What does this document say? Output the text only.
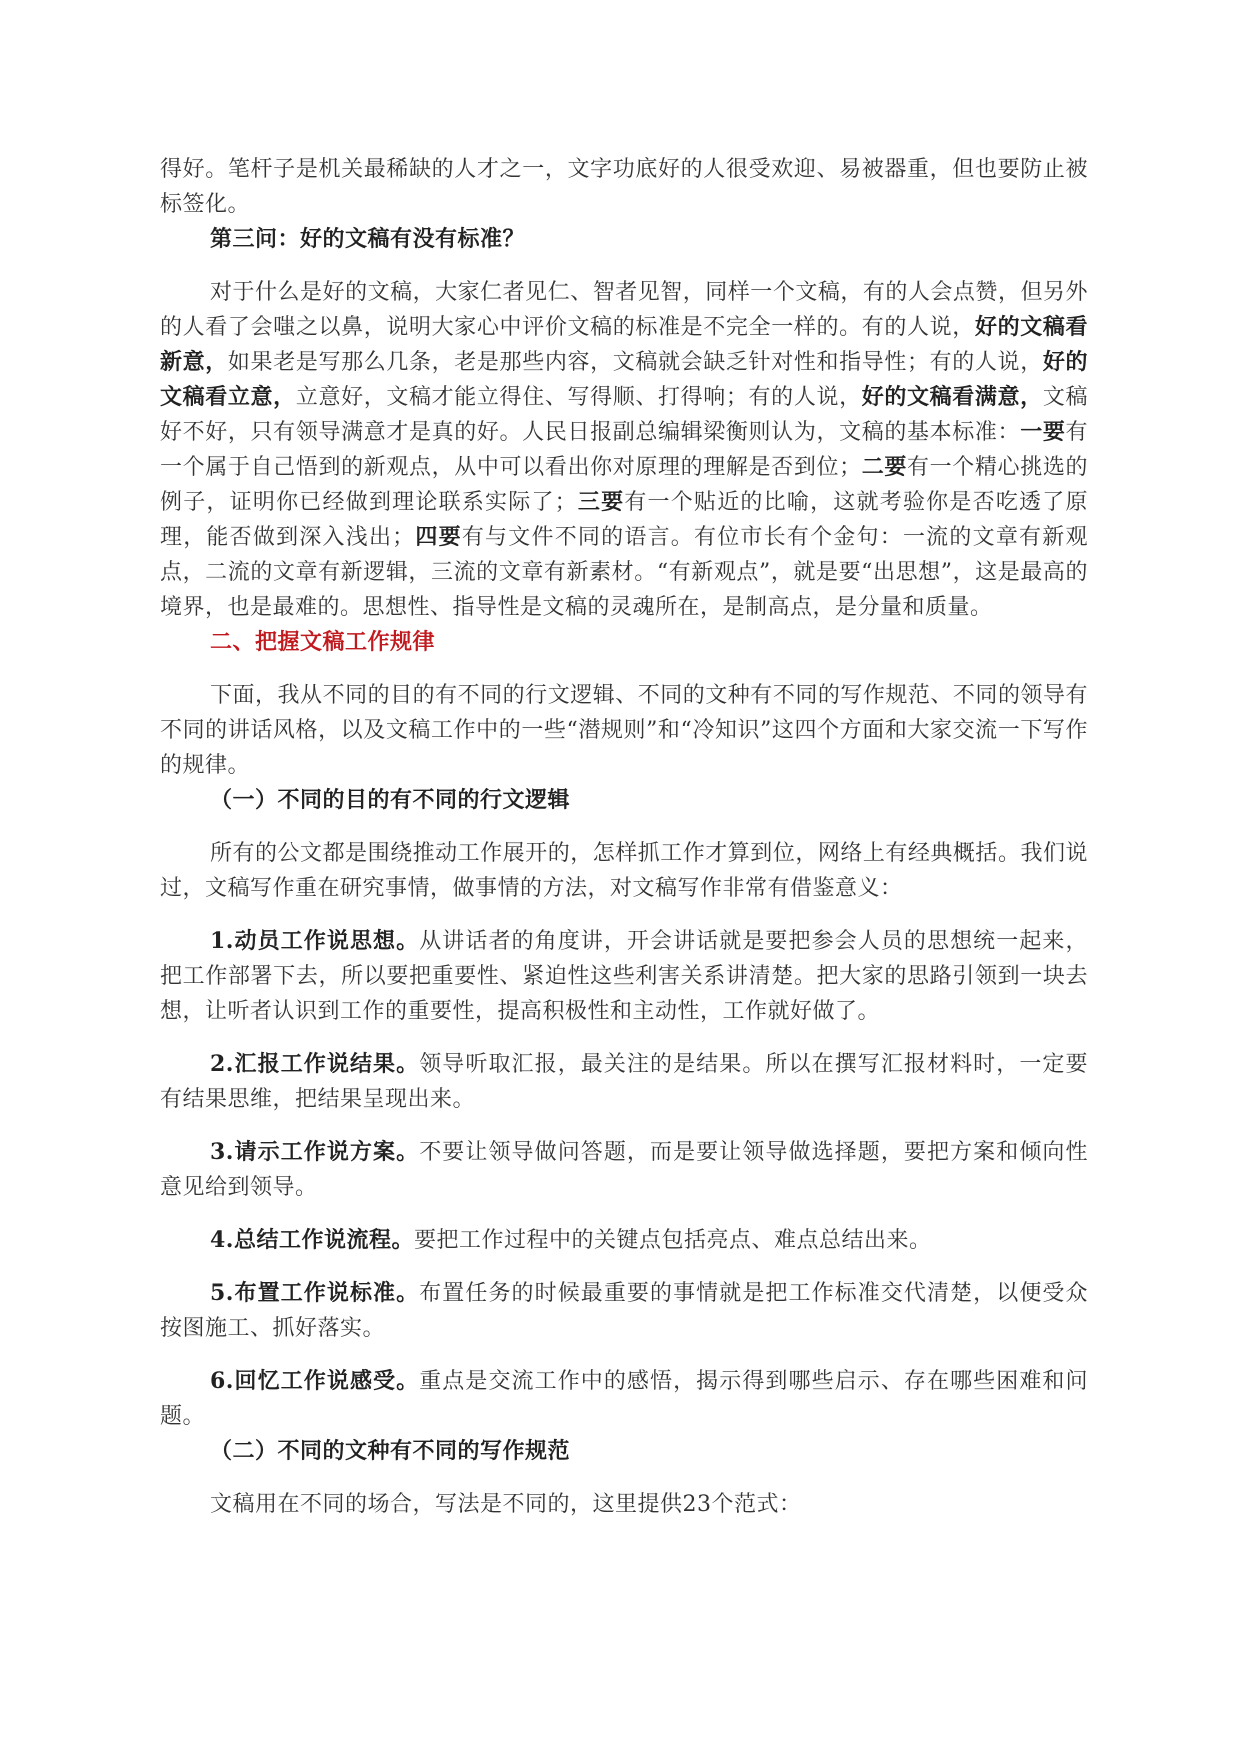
得好。笔杆子是机关最稀缺的人才之一，文字功底好的人很受欢迎、易被器重，但也要防止被标签化。

第三问：好的文稿有没有标准？

对于什么是好的文稿，大家仁者见仁、智者见智，同样一个文稿，有的人会点赞，但另外的人看了会嗤之以鼻，说明大家心中评价文稿的标准是不完全一样的。有的人说，好的文稿看新意，如果老是写那么几条，老是那些内容，文稿就会缺乏针对性和指导性；有的人说，好的文稿看立意，立意好，文稿才能立得住、写得顺、打得响；有的人说，好的文稿看满意，文稿好不好，只有领导满意才是真的好。人民日报副总编辑梁衡则认为，文稿的基本标准：一要有一个属于自己悟到的新观点，从中可以看出你对原理的理解是否到位；二要有一个精心挑选的例子，证明你已经做到理论联系实际了；三要有一个贴近的比喻，这就考验你是否吃透了原理，能否做到深入浅出；四要有与文件不同的语言。有位市长有个金句：一流的文章有新观点，二流的文章有新逻辑，三流的文章有新素材。“有新观点”，就是要“出思想”，这是最高的境界，也是最难的。思想性、指导性是文稿的灵魂所在，是制高点，是分量和质量。

二、把握文稿工作规律

下面，我从不同的目的有不同的行文逻辑、不同的文种有不同的写作规范、不同的领导有不同的讲话风格，以及文稿工作中的一些“潜规则”和“冷知识”这四个方面和大家交流一下写作的规律。

（一）不同的目的有不同的行文逻辑

所有的公文都是围绕推动工作展开的，怎样抓工作才算到位，网络上有经典概括。我们说过，文稿写作重在研究事情，做事情的方法，对文稿写作非常有借鉴意义：

1.动员工作说思想。从讲话者的角度讲，开会讲话就是要把参会人员的思想统一起来，把工作部署下去，所以要把重要性、紧迫性这些利害关系讲清楚。把大家的思路引领到一块去想，让听者认识到工作的重要性，提高积极性和主动性，工作就好做了。

2.汇报工作说结果。领导听取汇报，最关注的是结果。所以在撰写汇报材料时，一定要有结果思维，把结果呈现出来。

3.请示工作说方案。不要让领导做问答题，而是要让领导做选择题，要把方案和倾向性意见给到领导。

4.总结工作说流程。要把工作过程中的关键点包括亮点、难点总结出来。

5.布置工作说标准。布置任务的时候最重要的事情就是把工作标准交代清楚，以便受众按图施工、抓好落实。

6.回忆工作说感受。重点是交流工作中的感悟，揭示得到哪些启示、存在哪些困难和问题。

（二）不同的文种有不同的写作规范

文稿用在不同的场合，写法是不同的，这里提供23个范式：
